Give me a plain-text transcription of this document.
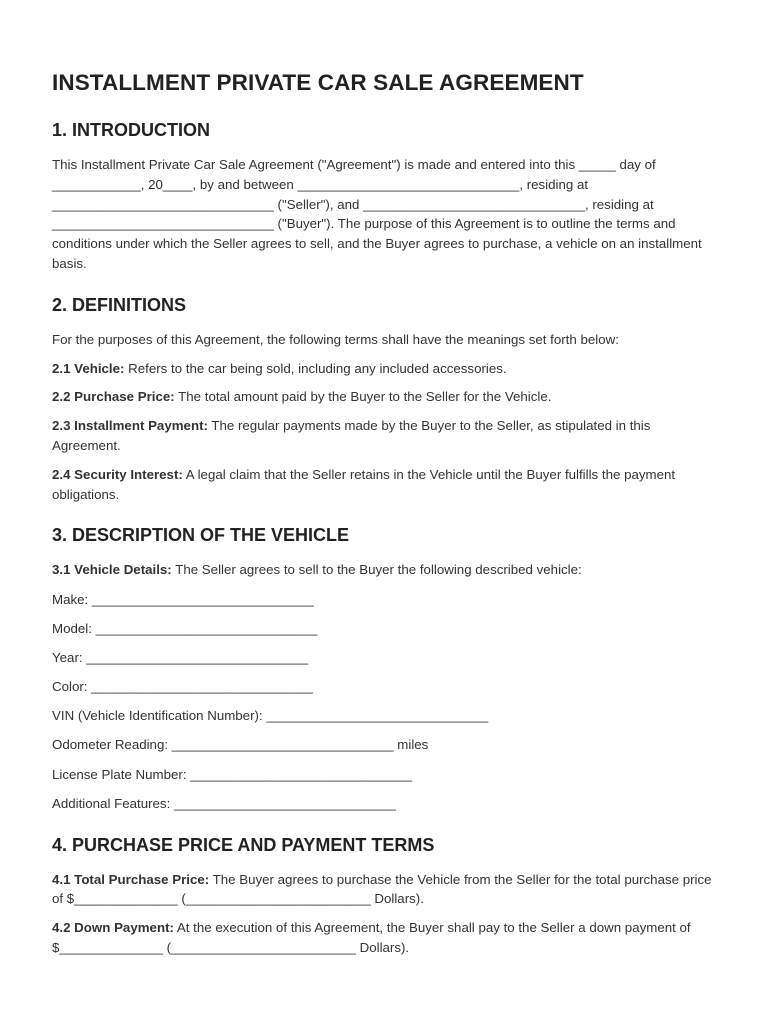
INSTALLMENT PRIVATE CAR SALE AGREEMENT
1. INTRODUCTION

This Installment Private Car Sale Agreement ("Agreement") is made and entered into this _____ day of ____________, 20____, by and between ______________________________, residing at ______________________________ ("Seller"), and ______________________________, residing at ______________________________ ("Buyer"). The purpose of this Agreement is to outline the terms and conditions under which the Seller agrees to sell, and the Buyer agrees to purchase, a vehicle on an installment basis.

2. DEFINITIONS

For the purposes of this Agreement, the following terms shall have the meanings set forth below:

2.1 Vehicle: Refers to the car being sold, including any included accessories.

2.2 Purchase Price: The total amount paid by the Buyer to the Seller for the Vehicle.

2.3 Installment Payment: The regular payments made by the Buyer to the Seller, as stipulated in this Agreement.

2.4 Security Interest: A legal claim that the Seller retains in the Vehicle until the Buyer fulfills the payment obligations.

3. DESCRIPTION OF THE VEHICLE

3.1 Vehicle Details: The Seller agrees to sell to the Buyer the following described vehicle:

Make: ______________________________

Model: ______________________________

Year: ______________________________

Color: ______________________________

VIN (Vehicle Identification Number): ______________________________

Odometer Reading: ______________________________ miles

License Plate Number: ______________________________

Additional Features: ______________________________

4. PURCHASE PRICE AND PAYMENT TERMS

4.1 Total Purchase Price: The Buyer agrees to purchase the Vehicle from the Seller for the total purchase price of $______________ (_________________________ Dollars).

4.2 Down Payment: At the execution of this Agreement, the Buyer shall pay to the Seller a down payment of $______________ (_________________________ Dollars).
